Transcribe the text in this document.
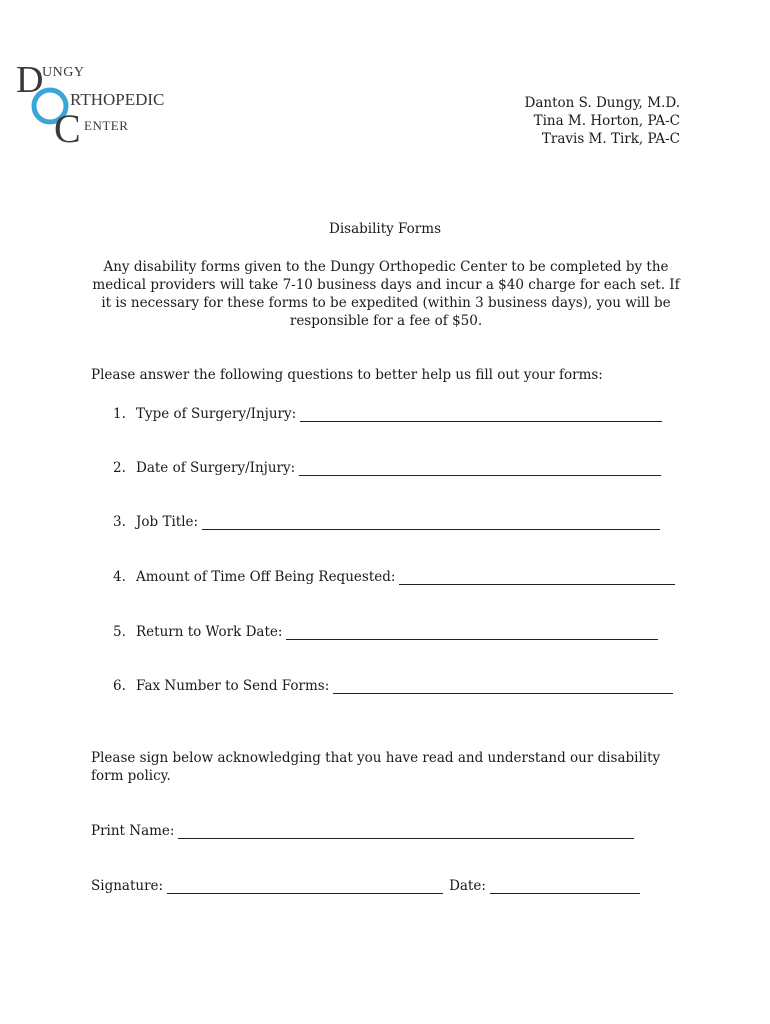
D
C
UNGY
RTHOPEDIC
ENTER
Danton S. Dungy, M.D.
Tina M. Horton, PA-C
Travis M. Tirk, PA-C
Disability Forms
Any disability forms given to the Dungy Orthopedic Center to be completed by the medical providers will take 7-10 business days and incur a $40 charge for each set. If it is necessary for these forms to be expedited (within 3 business days), you will be responsible for a fee of $50.
Please answer the following questions to better help us fill out your forms:
1. Type of Surgery/Injury:
2. Date of Surgery/Injury:
3. Job Title:
4. Amount of Time Off Being Requested:
5. Return to Work Date:
6. Fax Number to Send Forms:
Please sign below acknowledging that you have read and understand our disability form policy.
Print Name:
Signature:	Date:
